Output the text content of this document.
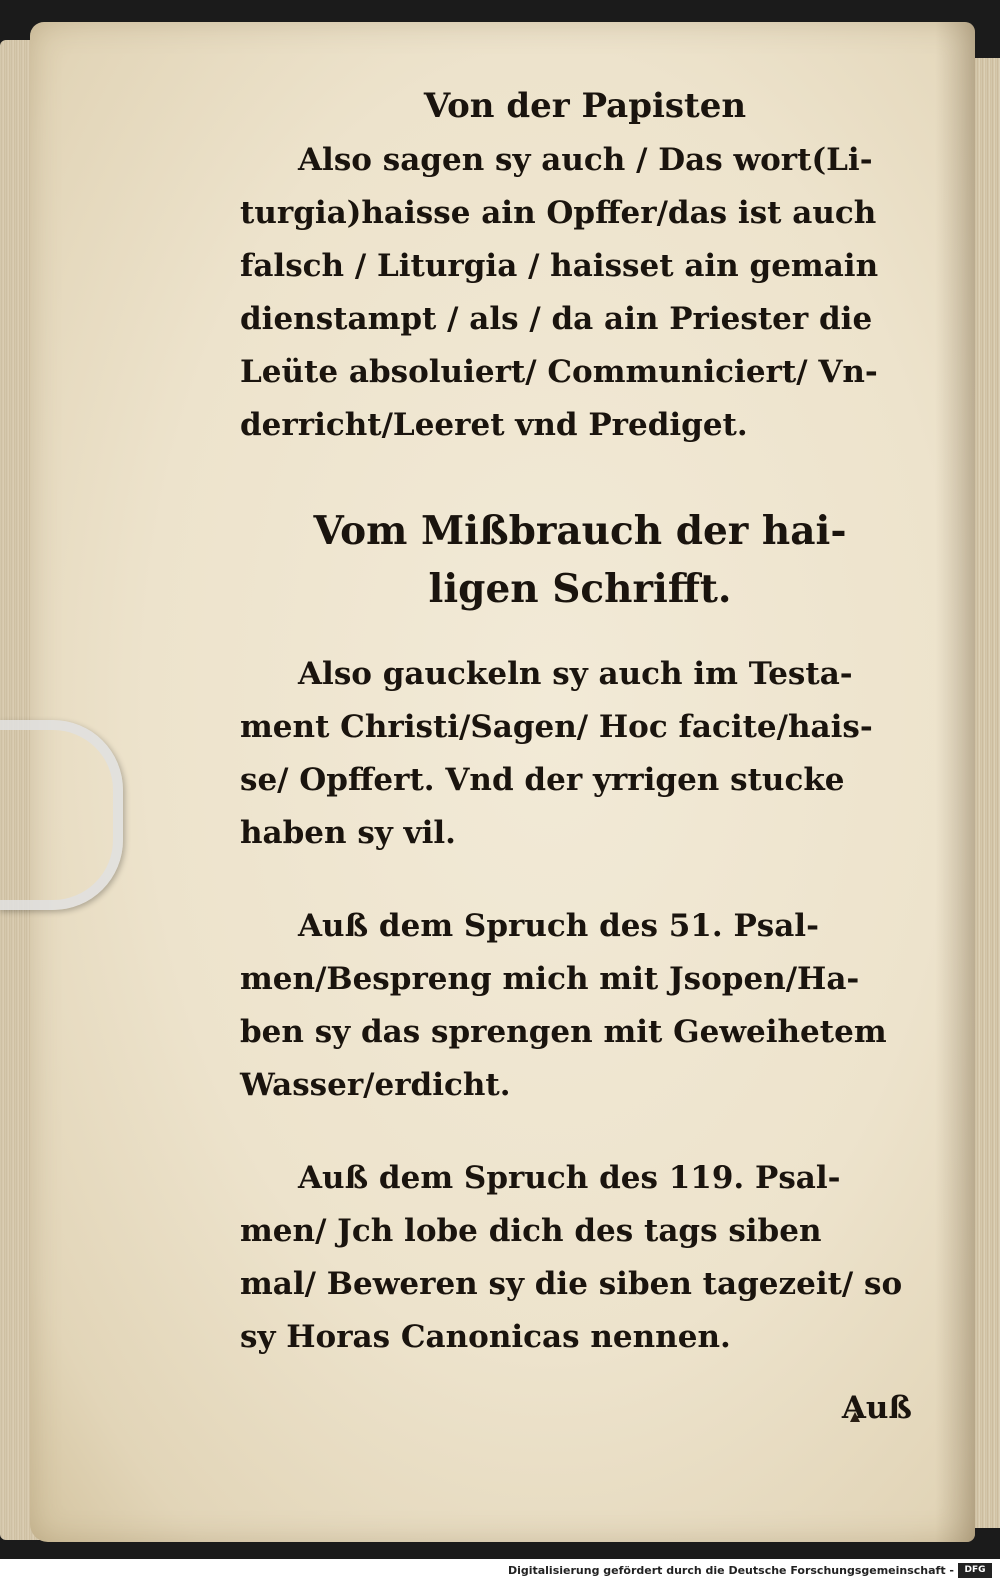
Von der Papisten

Also sagen sy auch / Das wort(Li-
turgia)haisse ain Opffer/das ist auch
falsch / Liturgia / haisset ain gemain
dienstampt / als / da ain Priester die
Leüte absoluiert/ Communiciert/ Vn-
derricht/Leeret vnd Prediget.

Vom Mißbrauch der hai-
ligen Schrifft.

Also gauckeln sy auch im Testa-
ment Christi/Sagen/ Hoc facite/hais-
se/ Opffert. Vnd der yrrigen stucke
haben sy vil.

Auß dem Spruch des 51. Psal-
men/Bespreng mich mit Jsopen/Ha-
ben sy das sprengen mit Geweihetem
Wasser/erdicht.

Auß dem Spruch des 119. Psal-
men/ Jch lobe dich des tags siben
mal/ Beweren sy die siben tagezeit/ so
sy Horas Canonicas nennen.

Auß
Digitalisierung gefördert durch die Deutsche Forschungsgemeinschaft -	DFG
